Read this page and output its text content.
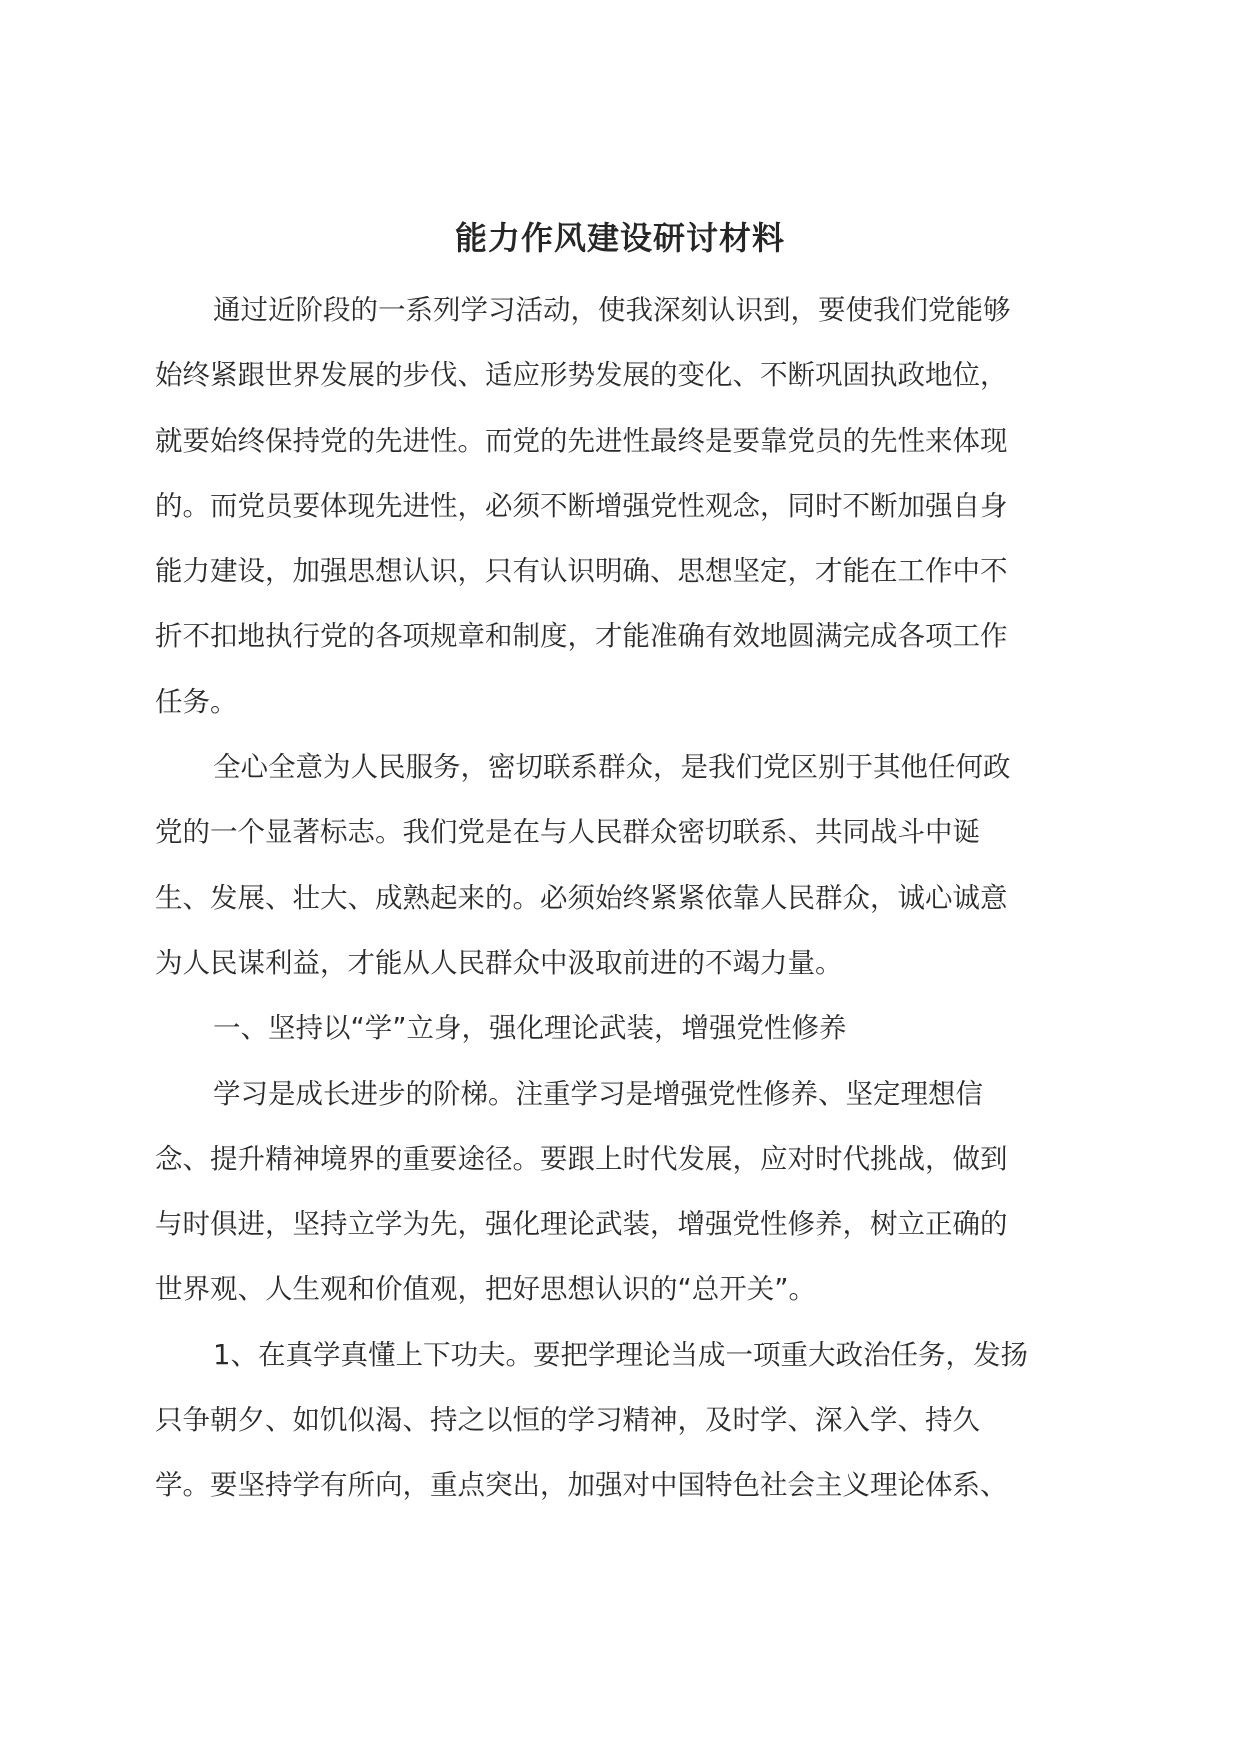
能力作风建设研讨材料
通过近阶段的一系列学习活动，使我深刻认识到，要使我们党能够
始终紧跟世界发展的步伐、适应形势发展的变化、不断巩固执政地位，
就要始终保持党的先进性。而党的先进性最终是要靠党员的先性来体现
的。而党员要体现先进性，必须不断增强党性观念，同时不断加强自身
能力建设，加强思想认识，只有认识明确、思想坚定，才能在工作中不
折不扣地执行党的各项规章和制度，才能准确有效地圆满完成各项工作
任务。
全心全意为人民服务，密切联系群众，是我们党区别于其他任何政
党的一个显著标志。我们党是在与人民群众密切联系、共同战斗中诞
生、发展、壮大、成熟起来的。必须始终紧紧依靠人民群众，诚心诚意
为人民谋利益，才能从人民群众中汲取前进的不竭力量。
一、坚持以“学”立身，强化理论武装，增强党性修养
学习是成长进步的阶梯。注重学习是增强党性修养、坚定理想信
念、提升精神境界的重要途径。要跟上时代发展，应对时代挑战，做到
与时俱进，坚持立学为先，强化理论武装，增强党性修养，树立正确的
世界观、人生观和价值观，把好思想认识的“总开关”。
1、在真学真懂上下功夫。要把学理论当成一项重大政治任务，发扬
只争朝夕、如饥似渴、持之以恒的学习精神，及时学、深入学、持久
学。要坚持学有所向，重点突出，加强对中国特色社会主义理论体系、
